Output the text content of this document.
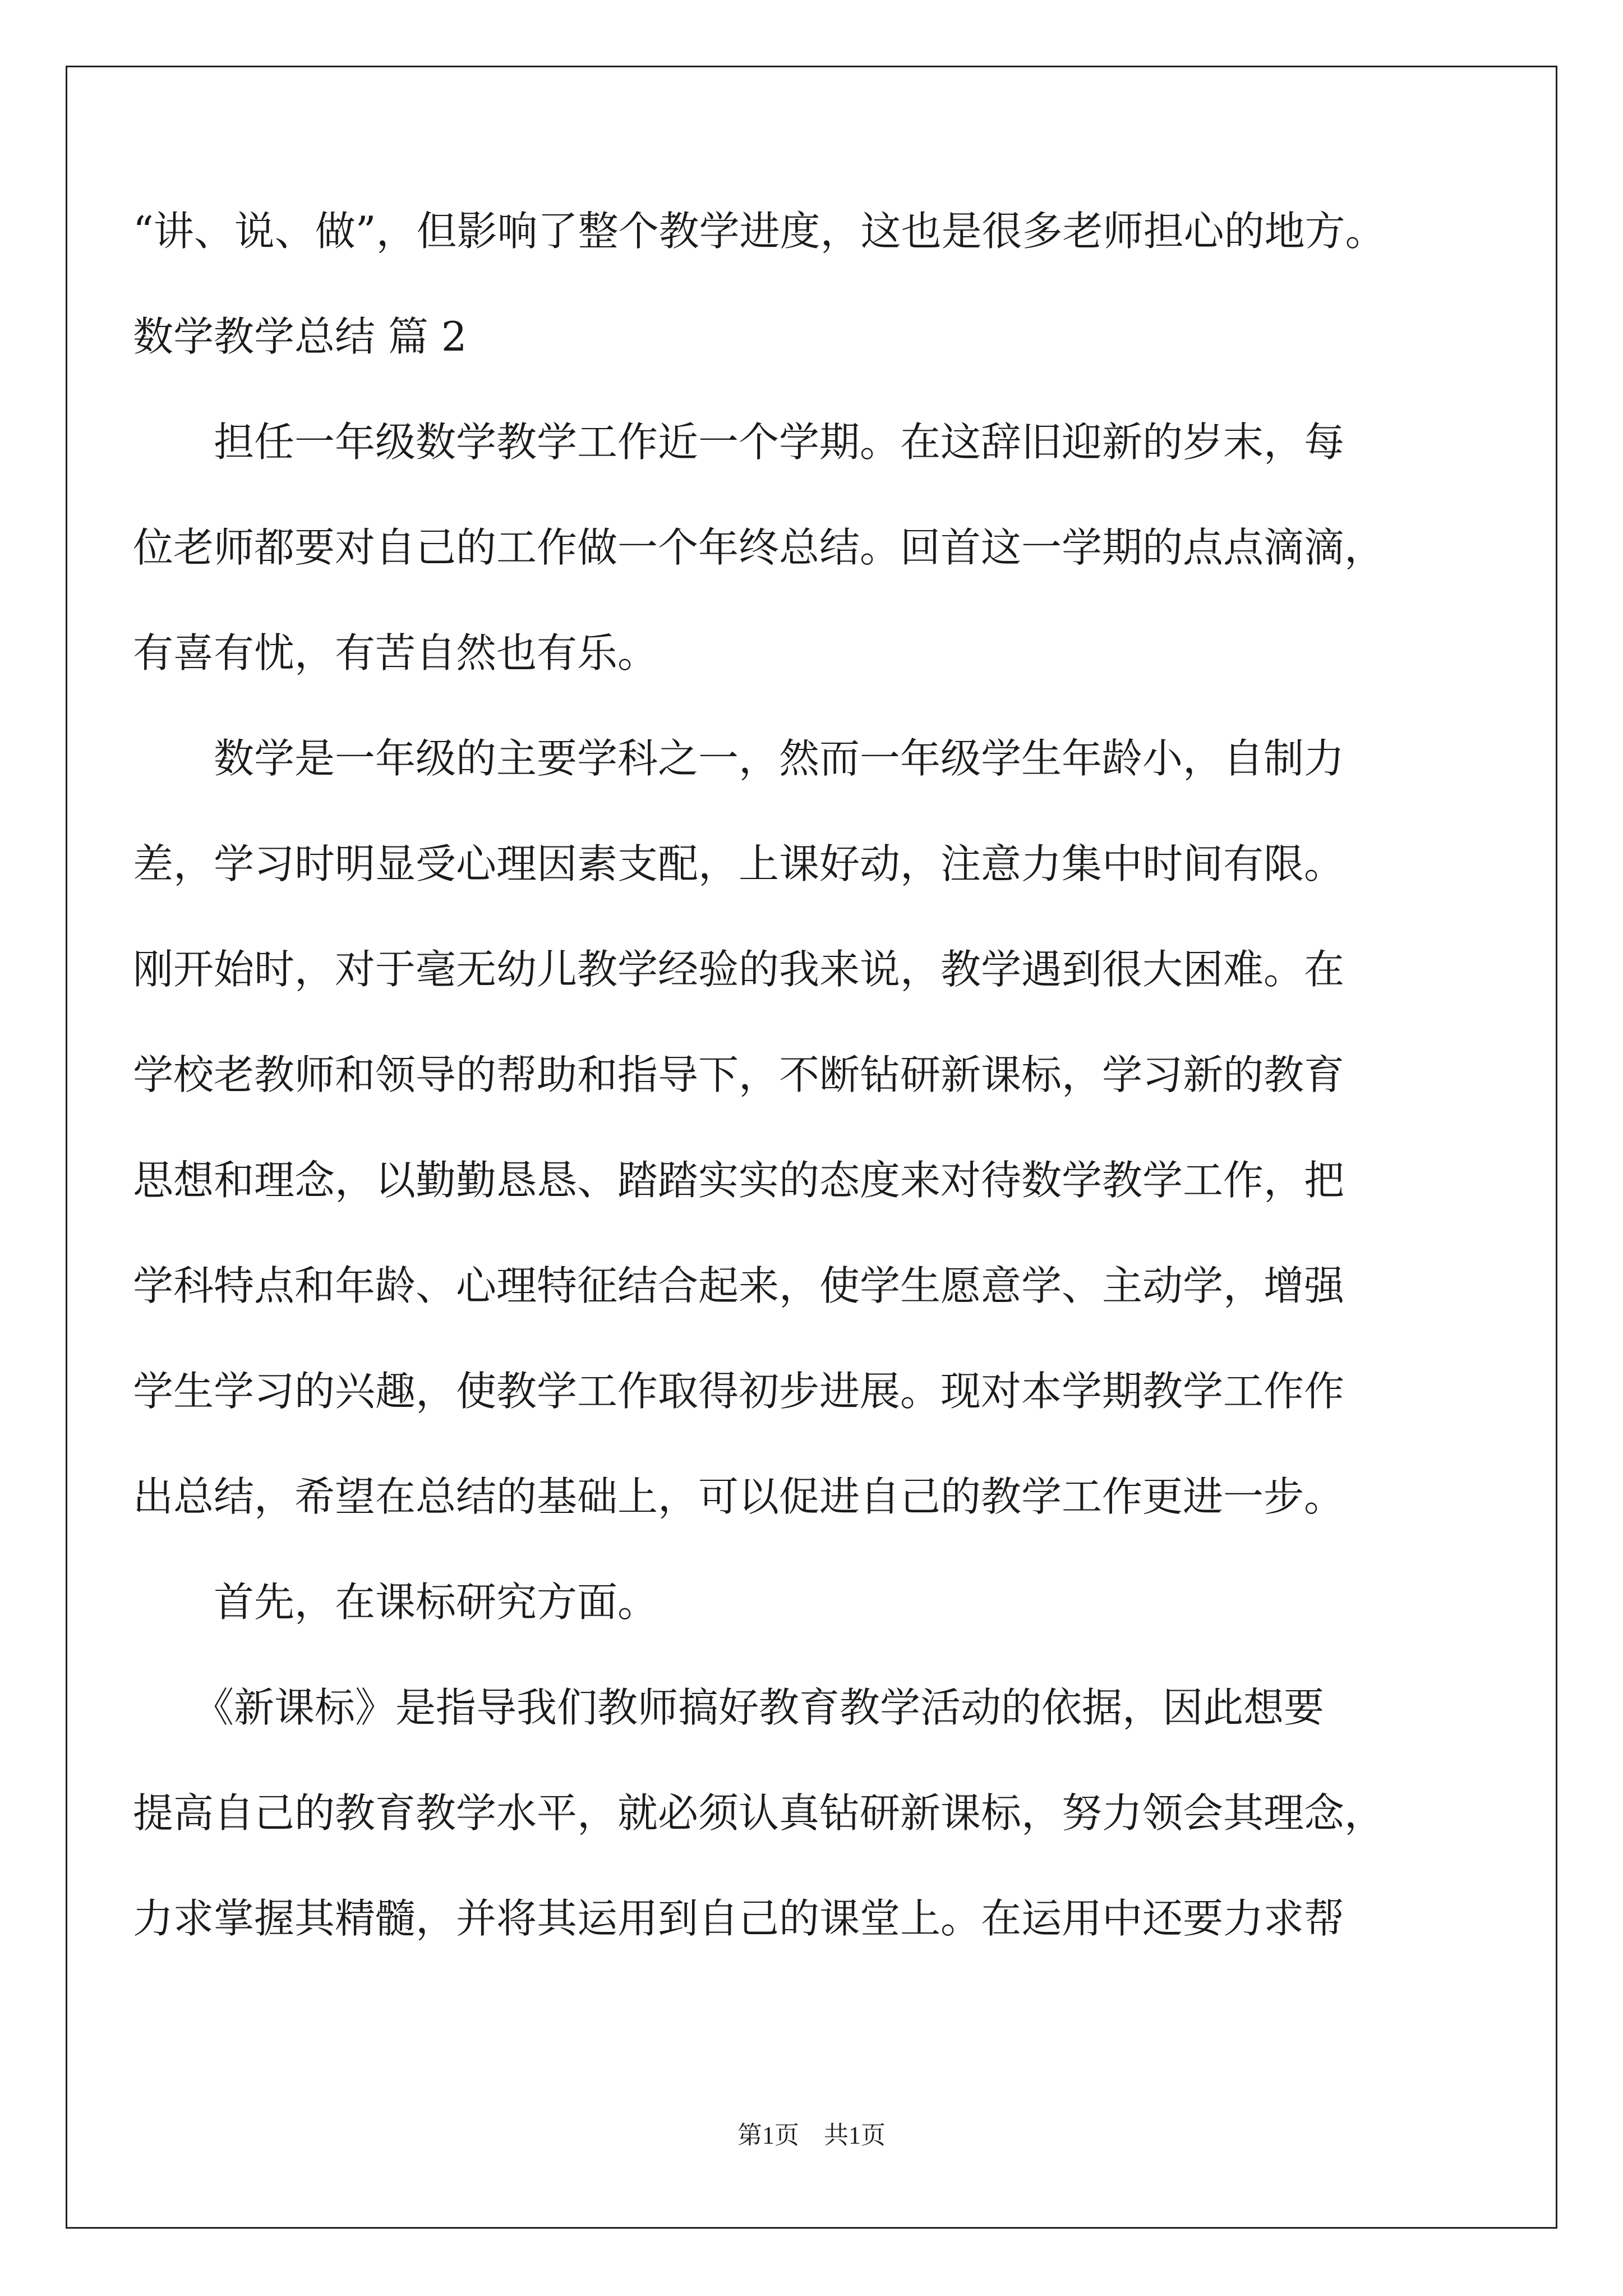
“讲、说、做”，但影响了整个教学进度，这也是很多老师担心的地方。
数学教学总结 篇 2
　　担任一年级数学教学工作近一个学期。在这辞旧迎新的岁末，每
位老师都要对自己的工作做一个年终总结。回首这一学期的点点滴滴，
有喜有忧，有苦自然也有乐。
　　数学是一年级的主要学科之一，然而一年级学生年龄小，自制力
差，学习时明显受心理因素支配，上课好动，注意力集中时间有限。
刚开始时，对于毫无幼儿教学经验的我来说，教学遇到很大困难。在
学校老教师和领导的帮助和指导下，不断钻研新课标，学习新的教育
思想和理念，以勤勤恳恳、踏踏实实的态度来对待数学教学工作，把
学科特点和年龄、心理特征结合起来，使学生愿意学、主动学，增强
学生学习的兴趣，使教学工作取得初步进展。现对本学期教学工作作
出总结，希望在总结的基础上，可以促进自己的教学工作更进一步。
　　首先，在课标研究方面。
　　《新课标》是指导我们教师搞好教育教学活动的依据，因此想要
提高自己的教育教学水平，就必须认真钻研新课标，努力领会其理念，
力求掌握其精髓，并将其运用到自己的课堂上。在运用中还要力求帮
第1页　共1页
